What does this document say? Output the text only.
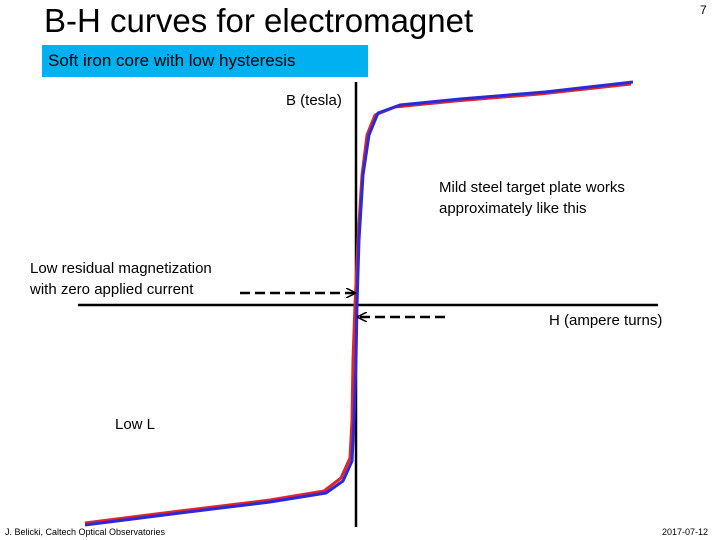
B-H curves for electromagnet	7
Soft iron core with low hysteresis
B (tesla)
H (ampere turns)
Mild steel target plate works
approximately like this
Low residual magnetization
with zero applied current
Low L
J. Belicki, Caltech Optical Observatories	2017-07-12
